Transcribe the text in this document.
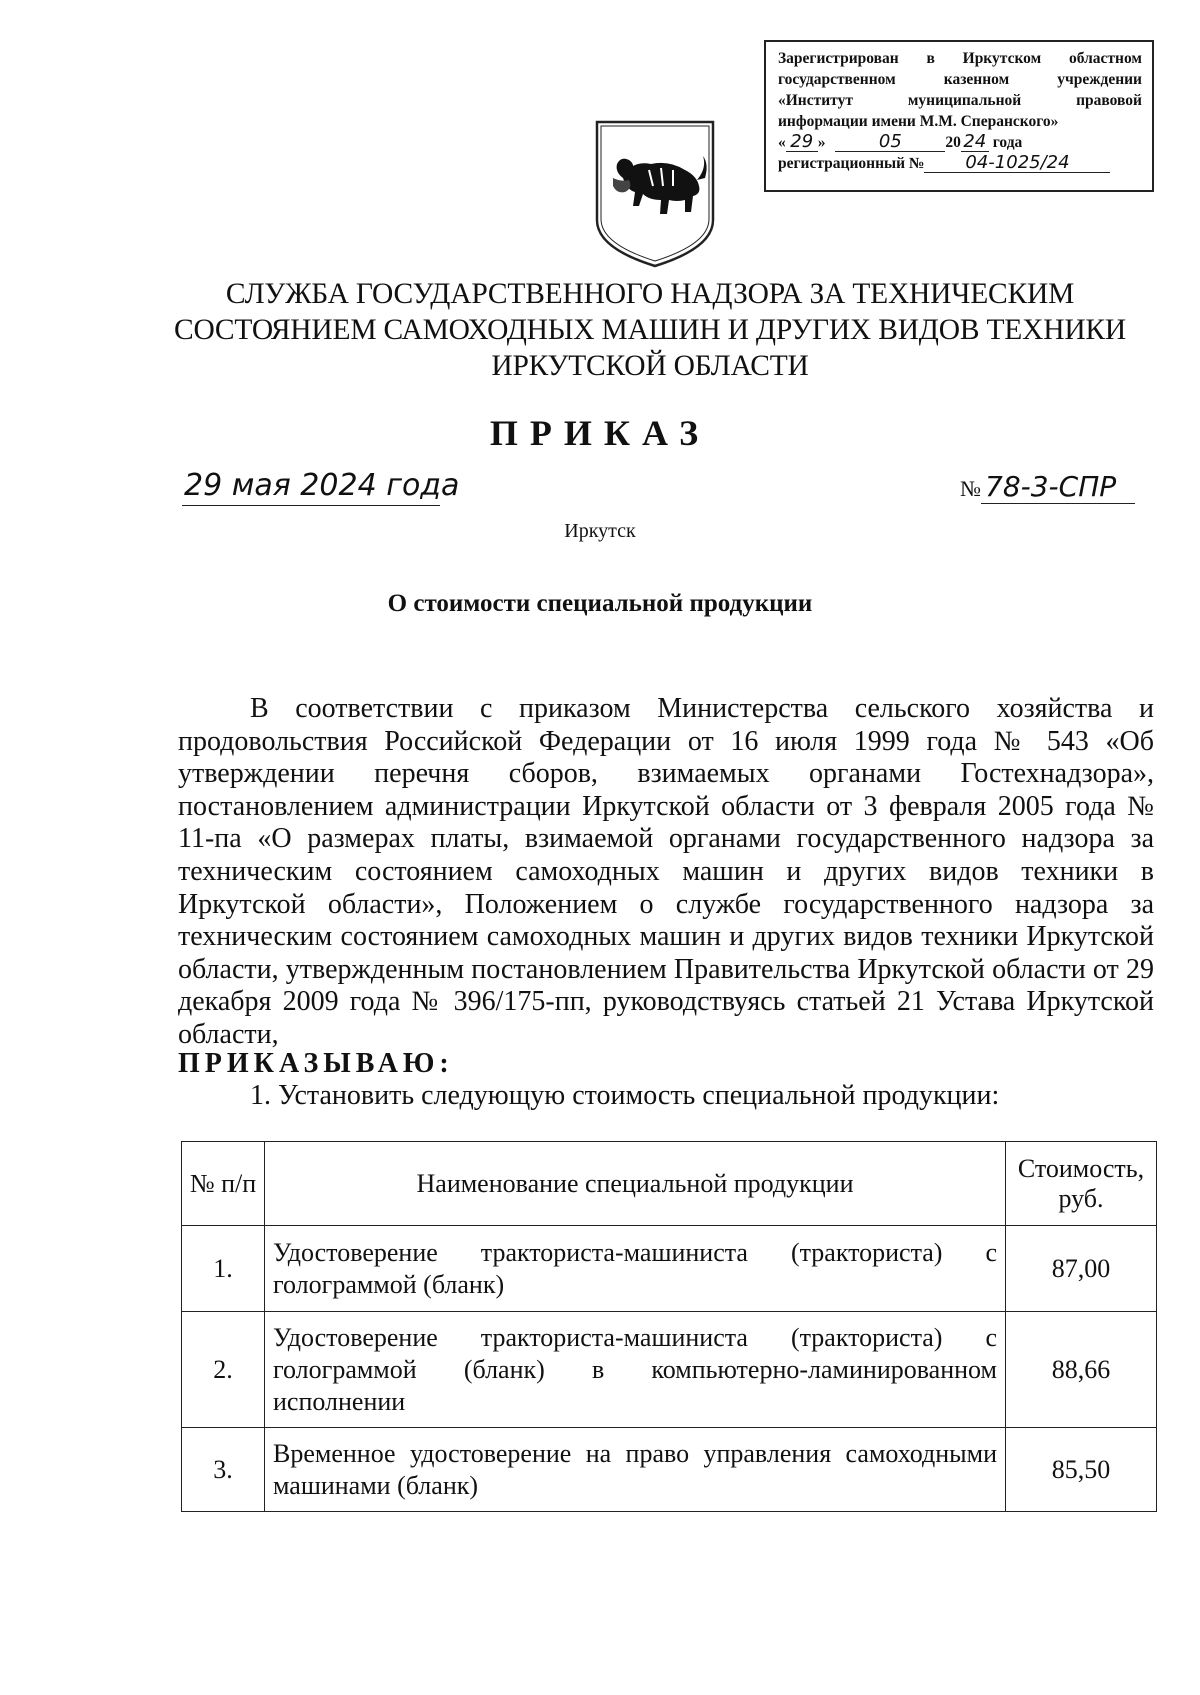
Зарегистрирован в Иркутском областном
государственном казенном учреждении
«Институт муниципальной правовой
информации имени М.М. Сперанского»
« 29 »	05	20 24 года
регистрационный № 04-1025/24
СЛУЖБА ГОСУДАРСТВЕННОГО НАДЗОРА ЗА ТЕХНИЧЕСКИМ
СОСТОЯНИЕМ САМОХОДНЫХ МАШИН И ДРУГИХ ВИДОВ ТЕХНИКИ
ИРКУТСКОЙ ОБЛАСТИ
ПРИКАЗ
29 мая 2024 года	№ 78-3-СПР
Иркутск
О стоимости специальной продукции

В соответствии с приказом Министерства сельского хозяйства и продовольствия Российской Федерации от 16 июля 1999 года № 543 «Об утверждении перечня сборов, взимаемых органами Гостехнадзора», постановлением администрации Иркутской области от 3 февраля 2005 года № 11-па «О размерах платы, взимаемой органами государственного надзора за техническим состоянием самоходных машин и других видов техники в Иркутской области», Положением о службе государственного надзора за техническим состоянием самоходных машин и других видов техники Иркутской области, утвержденным постановлением Правительства Иркутской области от 29 декабря 2009 года № 396/175-пп, руководствуясь статьей 21 Устава Иркутской области,

ПРИКАЗЫВАЮ:
1. Установить следующую стоимость специальной продукции:
№ п/п	Наименование специальной продукции	Стоимость, руб.
1.	Удостоверение тракториста-машиниста (тракториста) с голограммой (бланк)	87,00
2.	Удостоверение тракториста-машиниста (тракториста) с голограммой (бланк) в компьютерно-ламинированном исполнении	88,66
3.	Временное удостоверение на право управления самоходными машинами (бланк)	85,50
